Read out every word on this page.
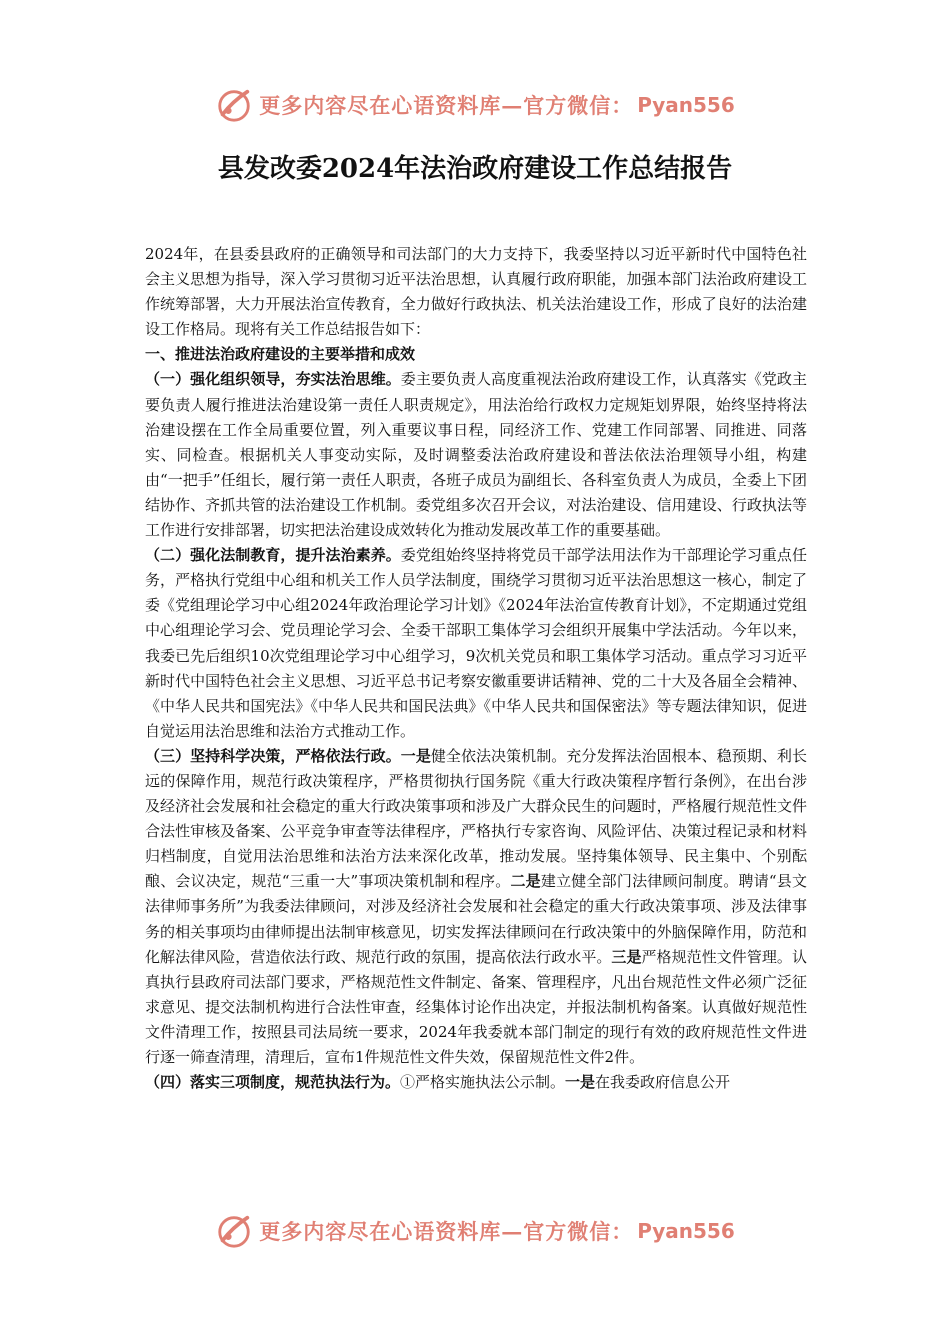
更多内容尽在心语资料库—官方微信： Pyan556
县发改委2024年法治政府建设工作总结报告

2024年，在县委县政府的正确领导和司法部门的大力支持下，我委坚持以习近平新时代中国特色社会主义思想为指导，深入学习贯彻习近平法治思想，认真履行政府职能，加强本部门法治政府建设工作统筹部署，大力开展法治宣传教育，全力做好行政执法、机关法治建设工作，形成了良好的法治建设工作格局。现将有关工作总结报告如下：

一、推进法治政府建设的主要举措和成效

（一）强化组织领导，夯实法治思维。委主要负责人高度重视法治政府建设工作，认真落实《党政主要负责人履行推进法治建设第一责任人职责规定》，用法治给行政权力定规矩划界限，始终坚持将法治建设摆在工作全局重要位置，列入重要议事日程，同经济工作、党建工作同部署、同推进、同落实、同检查。根据机关人事变动实际，及时调整委法治政府建设和普法依法治理领导小组，构建由“一把手”任组长，履行第一责任人职责，各班子成员为副组长、各科室负责人为成员，全委上下团结协作、齐抓共管的法治建设工作机制。委党组多次召开会议，对法治建设、信用建设、行政执法等工作进行安排部署，切实把法治建设成效转化为推动发展改革工作的重要基础。

（二）强化法制教育，提升法治素养。委党组始终坚持将党员干部学法用法作为干部理论学习重点任务，严格执行党组中心组和机关工作人员学法制度，围绕学习贯彻习近平法治思想这一核心，制定了委《党组理论学习中心组2024年政治理论学习计划》《2024年法治宣传教育计划》，不定期通过党组中心组理论学习会、党员理论学习会、全委干部职工集体学习会组织开展集中学法活动。今年以来，我委已先后组织10次党组理论学习中心组学习，9次机关党员和职工集体学习活动。重点学习习近平新时代中国特色社会主义思想、习近平总书记考察安徽重要讲话精神、党的二十大及各届全会精神、《中华人民共和国宪法》《中华人民共和国民法典》《中华人民共和国保密法》等专题法律知识，促进自觉运用法治思维和法治方式推动工作。

（三）坚持科学决策，严格依法行政。一是健全依法决策机制。充分发挥法治固根本、稳预期、利长远的保障作用，规范行政决策程序，严格贯彻执行国务院《重大行政决策程序暂行条例》，在出台涉及经济社会发展和社会稳定的重大行政决策事项和涉及广大群众民生的问题时，严格履行规范性文件合法性审核及备案、公平竞争审查等法律程序，严格执行专家咨询、风险评估、决策过程记录和材料归档制度，自觉用法治思维和法治方法来深化改革，推动发展。坚持集体领导、民主集中、个别酝酿、会议决定，规范“三重一大”事项决策机制和程序。二是建立健全部门法律顾问制度。聘请“县文法律师事务所”为我委法律顾问，对涉及经济社会发展和社会稳定的重大行政决策事项、涉及法律事务的相关事项均由律师提出法制审核意见，切实发挥法律顾问在行政决策中的外脑保障作用，防范和化解法律风险，营造依法行政、规范行政的氛围，提高依法行政水平。三是严格规范性文件管理。认真执行县政府司法部门要求，严格规范性文件制定、备案、管理程序，凡出台规范性文件必须广泛征求意见、提交法制机构进行合法性审查，经集体讨论作出决定，并报法制机构备案。认真做好规范性文件清理工作，按照县司法局统一要求，2024年我委就本部门制定的现行有效的政府规范性文件进行逐一筛查清理，清理后，宣布1件规范性文件失效，保留规范性文件2件。

（四）落实三项制度，规范执法行为。①严格实施执法公示制。一是在我委政府信息公开

更多内容尽在心语资料库—官方微信： Pyan556
